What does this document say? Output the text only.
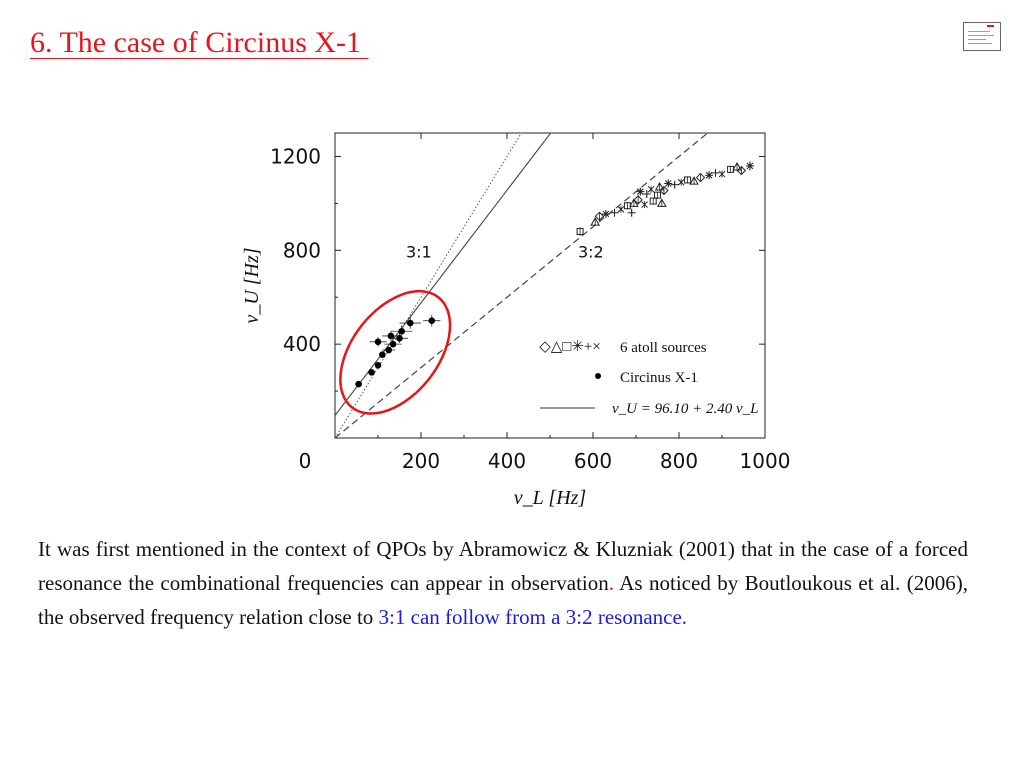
6. The case of Circinus X-1
0	200 400 600 800 1000
400
800
1200
3:1	3:2
◇△□✳+× 6 atoll sources
Circinus X-1
ν_U = 96.10 + 2.40 ν_L
ν_L [Hz]
ν_U [Hz]

It was first mentioned in the context of QPOs by Abramowicz & Kluzniak (2001) that in the case of a forced resonance the combinational frequencies can appear in observation. As noticed by Boutloukous et al. (2006), the observed frequency relation close to 3:1 can follow from a 3:2 resonance.
